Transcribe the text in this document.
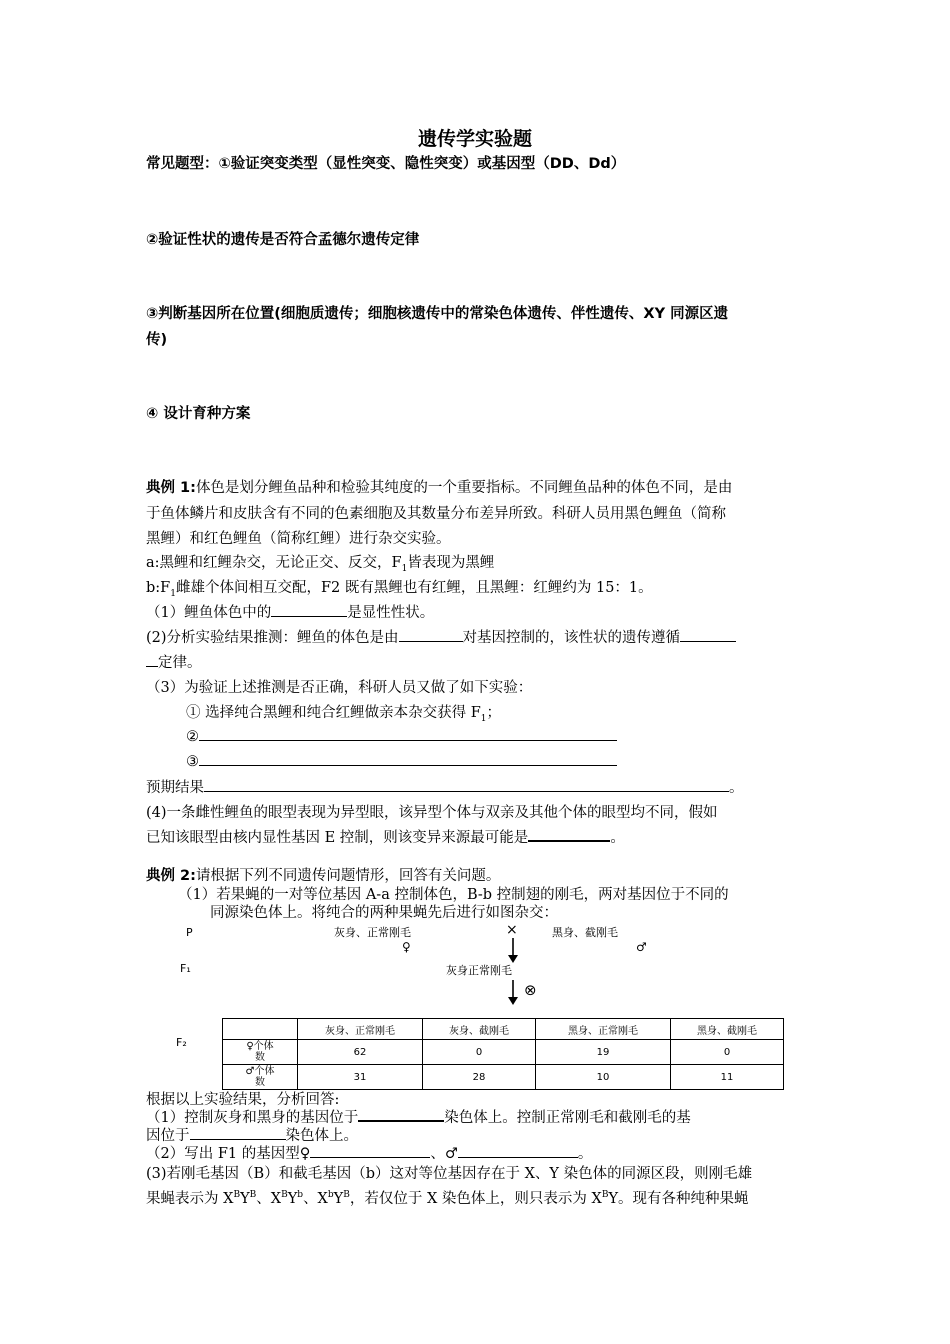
遗传学实验题
常见题型：①验证突变类型（显性突变、隐性突变）或基因型（DD、Dd）
②验证性状的遗传是否符合孟德尔遗传定律
③判断基因所在位置(细胞质遗传；细胞核遗传中的常染色体遗传、伴性遗传、XY 同源区遗
传)
④ 设计育种方案
典例 1:体色是划分鲤鱼品种和检验其纯度的一个重要指标。不同鲤鱼品种的体色不同，是由
于鱼体鳞片和皮肤含有不同的色素细胞及其数量分布差异所致。科研人员用黑色鲤鱼（简称
黑鲤）和红色鲤鱼（简称红鲤）进行杂交实验。
a:黑鲤和红鲤杂交，无论正交、反交，$F_1$皆表现为黑鲤
$b:F_1$雌雄个体间相互交配，F2 既有黑鲤也有红鲤，且黑鲤：红鲤约为 15：1。
（1）鲤鱼体色中的	是显性性状。
(2)分析实验结果推测：鲤鱼的体色是由	对基因控制的，该性状的遗传遵循
定律。
（3）为验证上述推测是否正确，科研人员又做了如下实验：
① 选择纯合黑鲤和纯合红鲤做亲本杂交获得 $F_1$；
②
③
预期结果	。
(4)一条雌性鲤鱼的眼型表现为异型眼，该异型个体与双亲及其他个体的眼型均不同，假如
已知该眼型由核内显性基因 E 控制，则该变异来源最可能是	。
典例 2:请根据下列不同遗传问题情形，回答有关问题。
（1）若果蝇的一对等位基因 A-a 控制体色，B-b 控制翅的刚毛，两对基因位于不同的
同源染色体上。将纯合的两种果蝇先后进行如图杂交：
P	灰身、正常刚毛	×	黑身、截刚毛
♀	♂
F₁	灰身正常刚毛
⊗
F₂
	灰身、正常刚毛	灰身、截刚毛	黑身、正常刚毛	黑身、截刚毛
♀个体
数	62	0	19	0
♂个体
数	31	28	10	11
根据以上实验结果，分析回答:
（1）控制灰身和黑身的基因位于	染色体上。控制正常刚毛和截刚毛的基
因位于	染色体上。
（2）写出 F1 的基因型♀	、♂	。
(3)若刚毛基因（B）和截毛基因（b）这对等位基因存在于 X、Y 染色体的同源区段，则刚毛雄
果蝇表示为 $X^BY^B$、$X^BY^b$、$X^bY^B$，若仅位于 X 染色体上，则只表示为 $X^BY$。现有各种纯种果蝇
